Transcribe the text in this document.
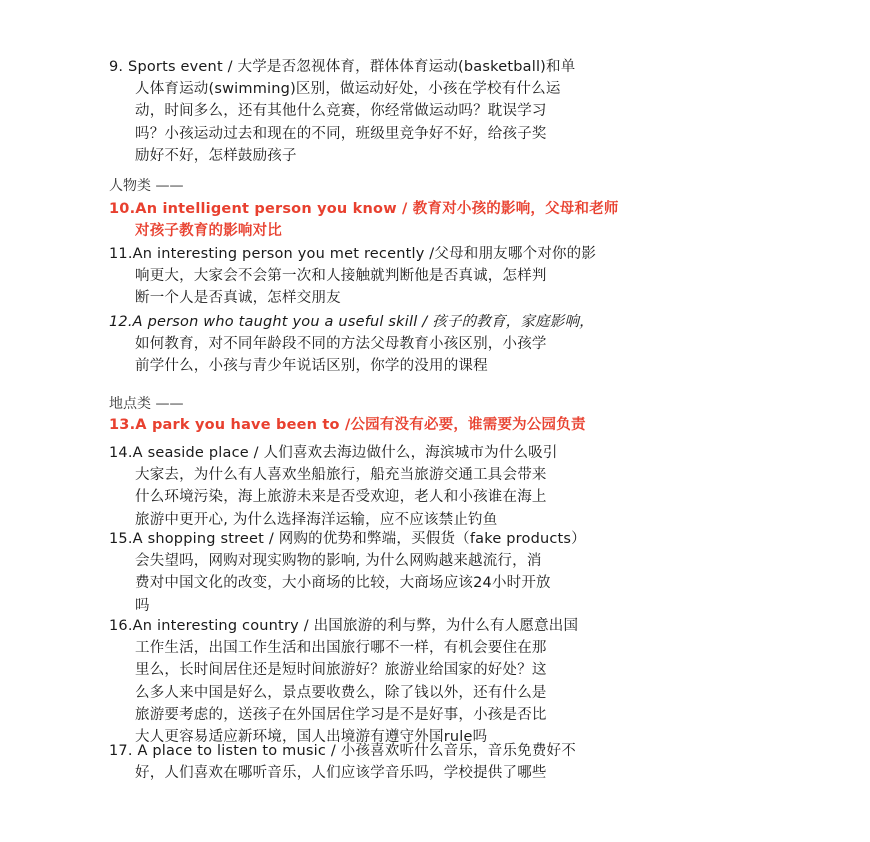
9. Sports event / 大学是否忽视体育，群体体育运动(basketball)和单
人体育运动(swimming)区别，做运动好处，小孩在学校有什么运
动，时间多么，还有其他什么竞赛，你经常做运动吗？耽误学习
吗？小孩运动过去和现在的不同，班级里竞争好不好，给孩子奖
励好不好，怎样鼓励孩子
人物类 ——
10.An intelligent person you know / 教育对小孩的影响，父母和老师
对孩子教育的影响对比
11.An interesting person you met recently /父母和朋友哪个对你的影
响更大，大家会不会第一次和人接触就判断他是否真诚，怎样判
断一个人是否真诚，怎样交朋友
12.A person who taught you a useful skill / 孩子的教育，家庭影响，
如何教育，对不同年龄段不同的方法父母教育小孩区别，小孩学
前学什么，小孩与青少年说话区别，你学的没用的课程
地点类 ——
13.A park you have been to /公园有没有必要，谁需要为公园负责
14.A seaside place / 人们喜欢去海边做什么，海滨城市为什么吸引
大家去，为什么有人喜欢坐船旅行，船充当旅游交通工具会带来
什么环境污染，海上旅游未来是否受欢迎，老人和小孩谁在海上
旅游中更开心, 为什么选择海洋运输，应不应该禁止钓鱼
15.A shopping street / 网购的优势和弊端，买假货（fake products）
会失望吗，网购对现实购物的影响, 为什么网购越来越流行，消
费对中国文化的改变，大小商场的比较，大商场应该24小时开放
吗
16.An interesting country / 出国旅游的利与弊，为什么有人愿意出国
工作生活，出国工作生活和出国旅行哪不一样，有机会要住在那
里么，长时间居住还是短时间旅游好？旅游业给国家的好处？这
么多人来中国是好么，景点要收费么，除了钱以外，还有什么是
旅游要考虑的，送孩子在外国居住学习是不是好事，小孩是否比
大人更容易适应新环境，国人出境游有遵守外国rule吗
17. A place to listen to music / 小孩喜欢听什么音乐，音乐免费好不
好，人们喜欢在哪听音乐，人们应该学音乐吗，学校提供了哪些
